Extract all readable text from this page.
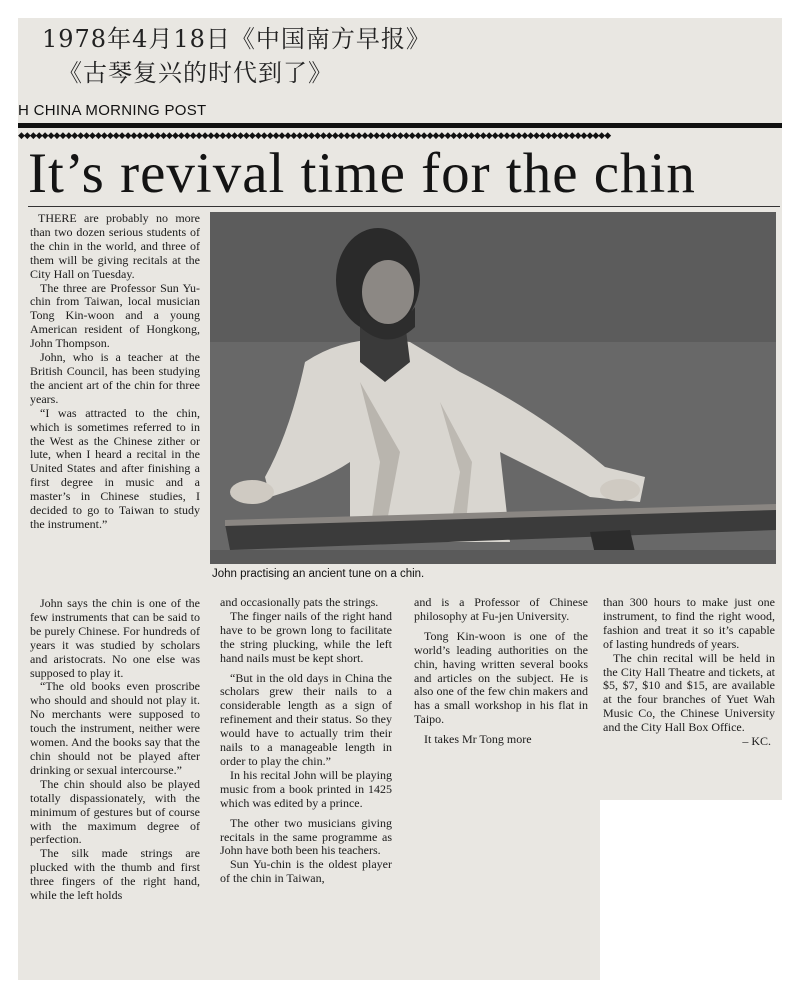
1978年4月18日《中国南方早报》
《古琴复兴的时代到了》
H CHINA MORNING POST
◆◆◆◆◆◆◆◆◆◆◆◆◆◆◆◆◆◆◆◆◆◆◆◆◆◆◆◆◆◆◆◆◆◆◆◆◆◆◆◆◆◆◆◆◆◆◆◆◆◆◆◆◆◆◆◆◆◆◆◆◆◆◆◆◆◆◆◆◆◆◆◆◆◆◆◆◆◆◆◆◆◆◆◆◆◆◆◆◆◆◆◆◆◆◆◆◆◆◆◆
It’s revival time for the chin

THERE are probably no more than two dozen serious students of the chin in the world, and three of them will be giving recitals at the City Hall on Tuesday.

The three are Professor Sun Yu-chin from Taiwan, local musician Tong Kin-woon and a young American resident of Hongkong, John Thompson.

John, who is a teacher at the British Council, has been studying the ancient art of the chin for three years.

“I was attracted to the chin, which is sometimes referred to in the West as the Chinese zither or lute, when I heard a recital in the United States and after finishing a first degree in music and a master’s in Chinese studies, I decided to go to Taiwan to study the instrument.”

John practising an ancient tune on a chin.

John says the chin is one of the few instruments that can be said to be purely Chinese. For hundreds of years it was studied by scholars and aristocrats. No one else was supposed to play it.

“The old books even proscribe who should and should not play it. No merchants were supposed to touch the instrument, neither were women. And the books say that the chin should not be played after drinking or sexual intercourse.”

The chin should also be played totally dispassionately, with the minimum of gestures but of course with the maximum degree of perfection.

The silk made strings are plucked with the thumb and first three fingers of the right hand, while the left holds

and occasionally pats the strings.

The finger nails of the right hand have to be grown long to facilitate the string plucking, while the left hand nails must be kept short.

“But in the old days in China the scholars grew their nails to a considerable length as a sign of refinement and their status. So they would have to actually trim their nails to a manageable length in order to play the chin.”

In his recital John will be playing music from a book printed in 1425 which was edited by a prince.

The other two musicians giving recitals in the same programme as John have both been his teachers.

Sun Yu-chin is the oldest player of the chin in Taiwan,

and is a Professor of Chinese philosophy at Fu-jen University.

Tong Kin-woon is one of the world’s leading authorities on the chin, having written several books and articles on the subject. He is also one of the few chin makers and has a small workshop in his flat in Taipo.

It takes Mr Tong more

than 300 hours to make just one instrument, to find the right wood, fashion and treat it so it’s capable of lasting hundreds of years.

The chin recital will be held in the City Hall Theatre and tickets, at $5, $7, $10 and $15, are available at the four branches of Yuet Wah Music Co, the Chinese University and the City Hall Box Office.

– KC.
